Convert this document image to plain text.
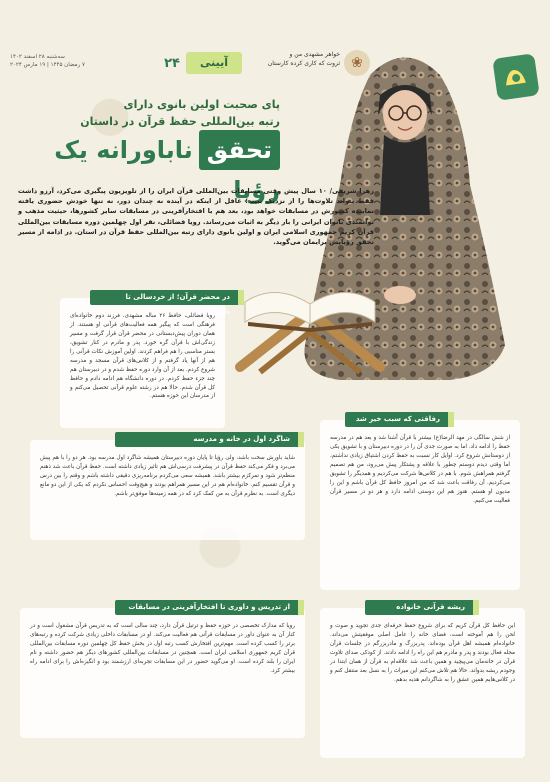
سه‌شنبه ۲۸ اسفند ۱۴۰۲
۷ رمضان ۱۴۴۵ | ۱۹ مارس ۲۰۲۴	۲۴	آیینی
خواهر مشهدی من و
ثروت که کاری کرده کارستان ❀
پای صحبت اولین بانوی دارای
رتبه بین‌المللی حفظ قرآن در داستان
تحققناباورانه یک رؤیا
زهرا شریفی/ ۱۰ سال پیش وقتی مسابقات بین‌المللی قرآن ایران را از تلویزیون پیگیری می‌کرد، آرزو داشت فقط بتواند تلاوت‌ها را از نزدیک ببیند؛ غافل از اینکه در آینده نه چندان دور، نه تنها خودش حضوری یافته نماینده کشورش در مسابقات خواهد بود، بعد هم با افتخارآفرینی در مسابقات سایر کشورها، حیثیت مذهب و توانمندی بانوان ایرانی را بار دیگر به اثبات می‌رساند. رویا فضائلی، نفر اول چهلمین دوره مسابقات بین‌المللی قرآن کریم جمهوری اسلامی ایران و اولین بانوی دارای رتبه بین‌المللی حفظ قرآن در استان. در ادامه از مسیر تحقق رؤیایش برایمان می‌گوید.
رویا فضائلی، حافظ ۲۶ ساله مشهدی، فرزند دوم خانواده‌ای فرهنگی است که پیگیر همه فعالیت‌های قرآنی او هستند. از همان دوران پیش‌دبستانی در محضر قرآن قرار گرفت و مسیر زندگی‌اش با قرآن گره خورد. پدر و مادرم در کنار تشویق، بستر مناسبی را هم فراهم کردند. اولین آموزش نکات قرآنی را هم از آنها یاد گرفتم و از کلاس‌های قرآن مسجد و مدرسه شروع کردم. بعد از آن وارد دوره حفظ شدم و در دبیرستان هم چند جزء حفظ کردم. در دوره دانشگاه هم ادامه دادم و حافظ کل قرآن شدم. حالا هم در رشته علوم قرآنی تحصیل می‌کنم و از مدرسان این حوزه هستم.
در محضر قرآن؛ از خردسالی تا دانشگاه
از شش سالگی در مهد الرضا(ع) بیشتر با قرآن آشنا شد و بعد هم در مدرسه حفظ را ادامه داد. اما به صورت جدی آن را در دوره دبیرستان و با تشویق یکی از دوستانش شروع کرد. اوایل کار نسبت به حفظ کردن اشتیاق زیادی نداشتم، اما وقتی دیدم دوستم چطور با علاقه و پشتکار پیش می‌رود، من هم تصمیم گرفتم همراهش شوم. با هم در کلاس‌ها شرکت می‌کردیم و همدیگر را تشویق می‌کردیم. آن رفاقت باعث شد که من امروز حافظ کل قرآن باشم و این را مدیون او هستم. هنوز هم این دوستی ادامه دارد و هر دو در مسیر قرآن فعالیت می‌کنیم.
رفاقتی که سبب خیر شد
شاید باورش سخت باشد، ولی رؤیا تا پایان دوره دبیرستان همیشه شاگرد اول مدرسه بود. هر دو را با هم پیش می‌برد و فکر می‌کند حفظ قرآن در پیشرفت درسی‌اش هم تاثیر زیادی داشته است. حفظ قرآن باعث شد ذهنم منظم‌تر شود و تمرکزم بیشتر باشد. همیشه سعی می‌کردم برنامه‌ریزی دقیقی داشته باشم و وقتم را بین درس و قرآن تقسیم کنم. خانواده‌ام هم در این مسیر همراهم بودند و هیچ‌وقت احساس نکردم که یکی از این دو مانع دیگری است. به نظرم قرآن به من کمک کرد که در همه زمینه‌ها موفق‌تر باشم.
شاگرد اول در خانه و مدرسه
رویا که مدارک تخصصی در حوزه حفظ و ترتیل قرآن دارد، چند سالی است که به تدریس قرآن مشغول است و در کنار آن به عنوان داور در مسابقات قرآنی هم فعالیت می‌کند. او در مسابقات داخلی زیادی شرکت کرده و رتبه‌های برتر را کسب کرده است. مهم‌ترین افتخارش کسب رتبه اول در بخش حفظ کل چهلمین دوره مسابقات بین‌المللی قرآن کریم جمهوری اسلامی ایران است. همچنین در مسابقات بین‌المللی کشورهای دیگر هم حضور داشته و نام ایران را بلند کرده است. او می‌گوید حضور در این مسابقات تجربه‌ای ارزشمند بود و انگیزه‌اش را برای ادامه راه بیشتر کرد.
از تدریس و داوری تا افتخارآفرینی در مسابقات
این حافظ کل قرآن کریم که برای شروع حفظ حرفه‌ای جدی تجوید و صوت و لحن را هم آموخته است، فضای خانه را عامل اصلی موفقیتش می‌داند. خانواده‌ام همیشه اهل قرآن بوده‌اند. پدربزرگ و مادربزرگم در جلسات قرآن محله فعال بودند و پدر و مادرم هم این راه را ادامه دادند. از کودکی صدای تلاوت قرآن در خانه‌مان می‌پیچید و همین باعث شد علاقه‌ام به قرآن از همان ابتدا در وجودم ریشه بدواند. حالا هم تلاش می‌کنم این میراث را به نسل بعد منتقل کنم و در کلاس‌هایم همین عشق را به شاگردانم هدیه بدهم.
ریشه قرآنی خانواده
